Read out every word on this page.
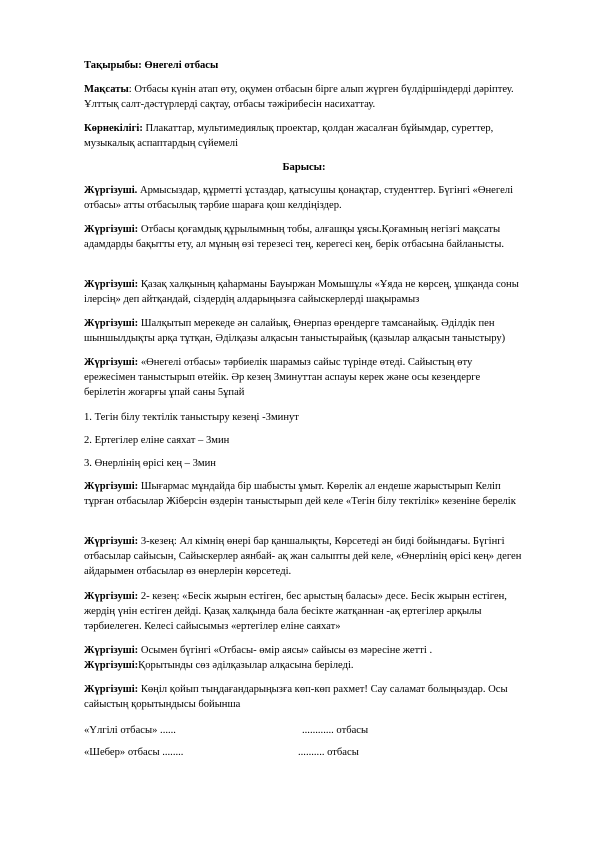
Тақырыбы: Өнегелі отбасы

Мақсаты: Отбасы күнін атап өту, оқумен отбасын бірге алып жүрген бүлдіршіндерді дәріптеу. Ұлттық салт-дәстүрлерді сақтау, отбасы тәжірибесін насихаттау.

Көрнекілігі: Плакаттар, мультимедиялық проектар, қолдан жасалған бұйымдар, суреттер, музыкалық аспаптардың сүйемелі

Барысы:

Жүргізуші. Армысыздар, құрметті ұстаздар, қатысушы қонақтар, студенттер. Бүгінгі «Өнегелі отбасы» атты отбасылық тәрбие шараға қош келдіңіздер.

Жүргізуші: Отбасы қоғамдық құрылымның тобы, алғашқы ұясы.Қоғамның негізгі мақсаты адамдарды бақытты ету, ал мұның өзі терезесі тең, керегесі кең, берік отбасына байланысты.

Жүргізуші: Қазақ халқының қаһарманы Бауыржан Момышұлы «Ұяда не көрсең, ұшқанда соны ілерсің» деп айтқандай, сіздердің алдарыңызға сайыскерлерді шақырамыз

Жүргізуші: Шалқытып мерекеде ән салайық, Өнерпаз өрендерге тамсанайық. Әділдік пен шыншылдықты арқа тұтқан, Әділқазы алқасын таныстырайық (қазылар алқасын таныстыру)

Жүргізуші: «Өнегелі отбасы» тәрбиелік шарамыз сайыс түрінде өтеді. Сайыстың өту ережесімен таныстырып өтейік. Әр кезең 3минуттан аспауы керек және осы кезеңдерге берілетін жоғарғы ұпай саны 5ұпай

1. Тегін білу тектілік таныстыру кезеңі -3минут

2. Ертегілер еліне саяхат – 3мин

3. Өнерлінің өрісі кең – 3мин

Жүргізуші: Шығармас мұндайда бір шабысты ұмыт. Көрелік ал ендеше жарыстырып Келіп тұрған отбасылар Жіберсін өздерін таныстырып дей келе «Тегін білу тектілік» кезеніне берелік

Жүргізуші: 3-кезең: Ал кімнің өнері бар қаншалықты, Көрсетеді ән биді бойындағы. Бүгінгі отбасылар сайысын, Сайыскерлер аянбай- ақ жан салыпты дей келе, «Өнерлінің өрісі кең» деген айдарымен отбасылар өз өнерлерін көрсетеді.

Жүргізуші: 2- кезең: «Бесік жырын естіген, бес арыстың баласы» десе. Бесік жырын естіген, жердің үнін естіген дейді. Қазақ халқында бала бесікте жатқаннан -ақ ертегілер арқылы тәрбиелеген. Келесі сайысымыз «ертегілер еліне саяхат»

Жүргізуші: Осымен бүгінгі «Отбасы- өмір аясы» сайысы өз мәресіне жетті .

Жүргізуші:Қорытынды сөз әділқазылар алқасына беріледі.

Жүргізуші: Көңіл қойып тыңдағандарыңызға көп-көп рахмет! Сау саламат болыңыздар. Осы сайыстың қорытындысы бойынша

«Үлгілі отбасы» ......	............ отбасы
«Шебер» отбасы ........	.......... отбасы
